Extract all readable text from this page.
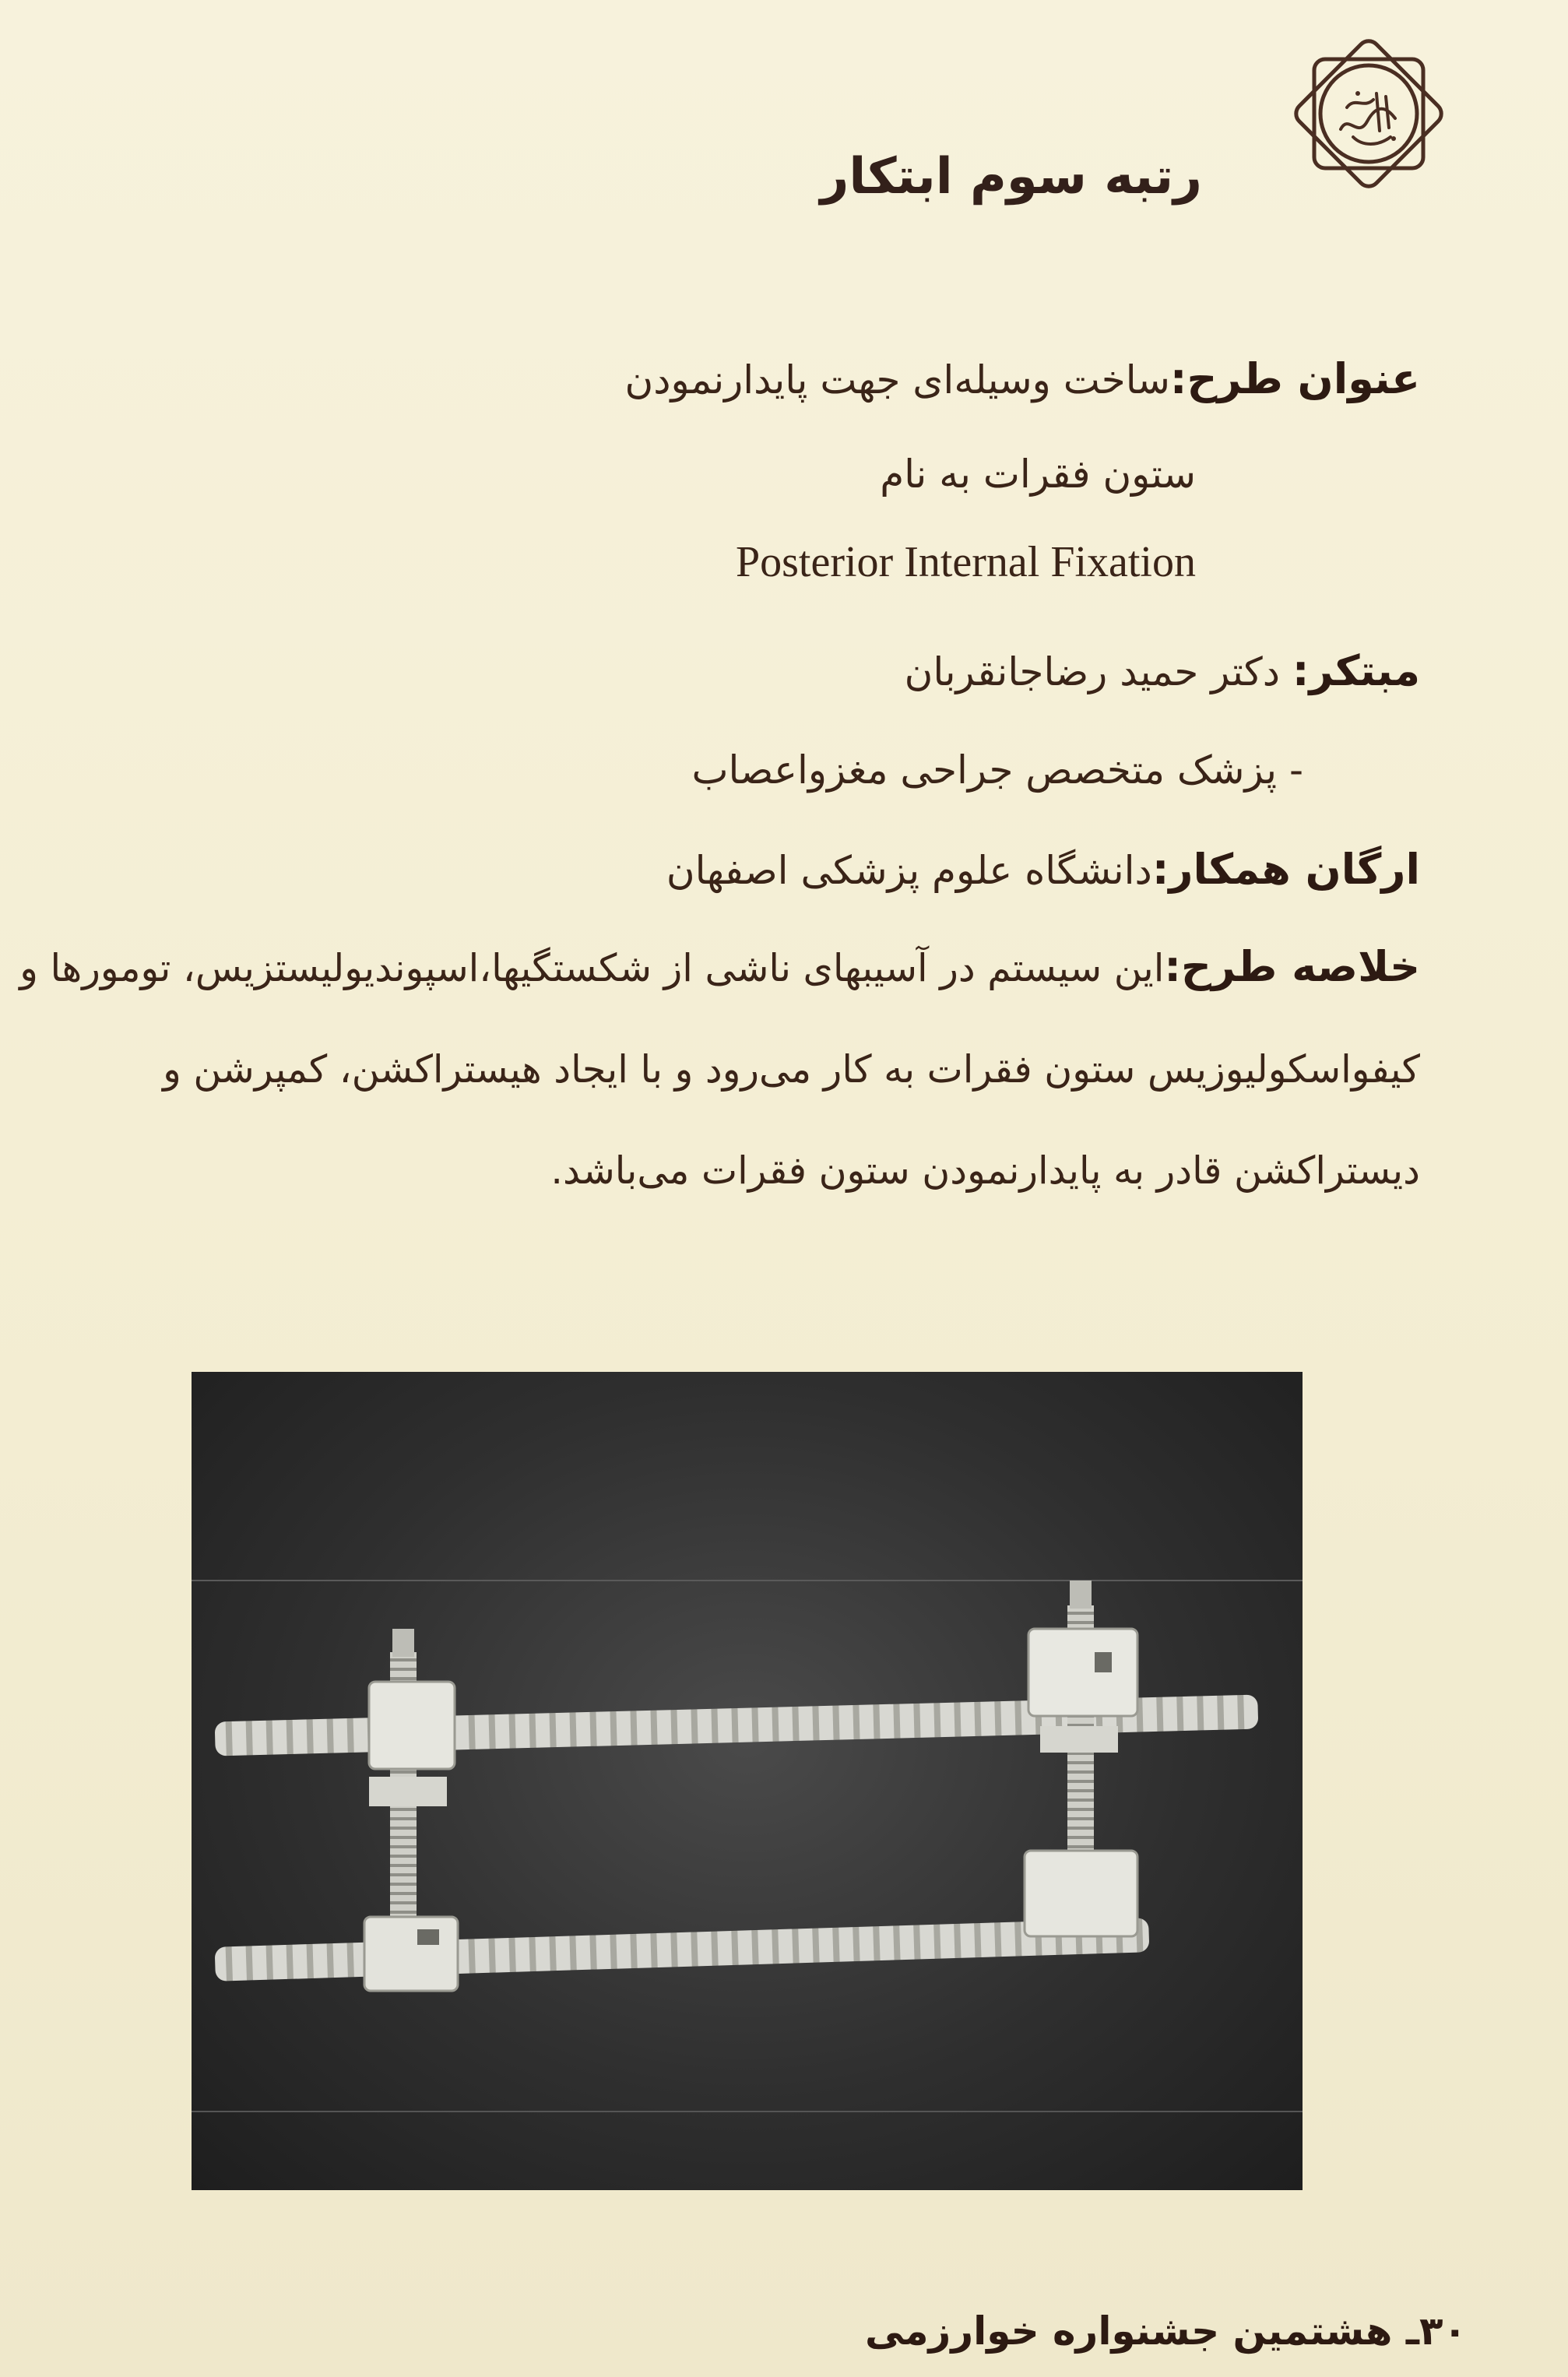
رتبه سوم ابتکار
عنوان طرح:ساخت وسیله‌ای جهت پایدارنمودن
ستون فقرات به نام
Posterior Internal Fixation
مبتکر: دکتر حمید رضاجانقربان
- پزشک متخصص جراحی مغزواعصاب
ارگان همکار:دانشگاه علوم پزشکی اصفهان
خلاصه طرح:این سیستم در آسیبهای ناشی از شکستگیها،اسپوندیولیستزیس، تومورها و
کیفواسکولیوزیس ستون فقرات به کار می‌رود و با ایجاد هیستراکشن، کمپرشن و
دیستراکشن قادر به پایدارنمودن ستون فقرات می‌باشد.
۳۰ـ هشتمین جشنواره خوارزمی
